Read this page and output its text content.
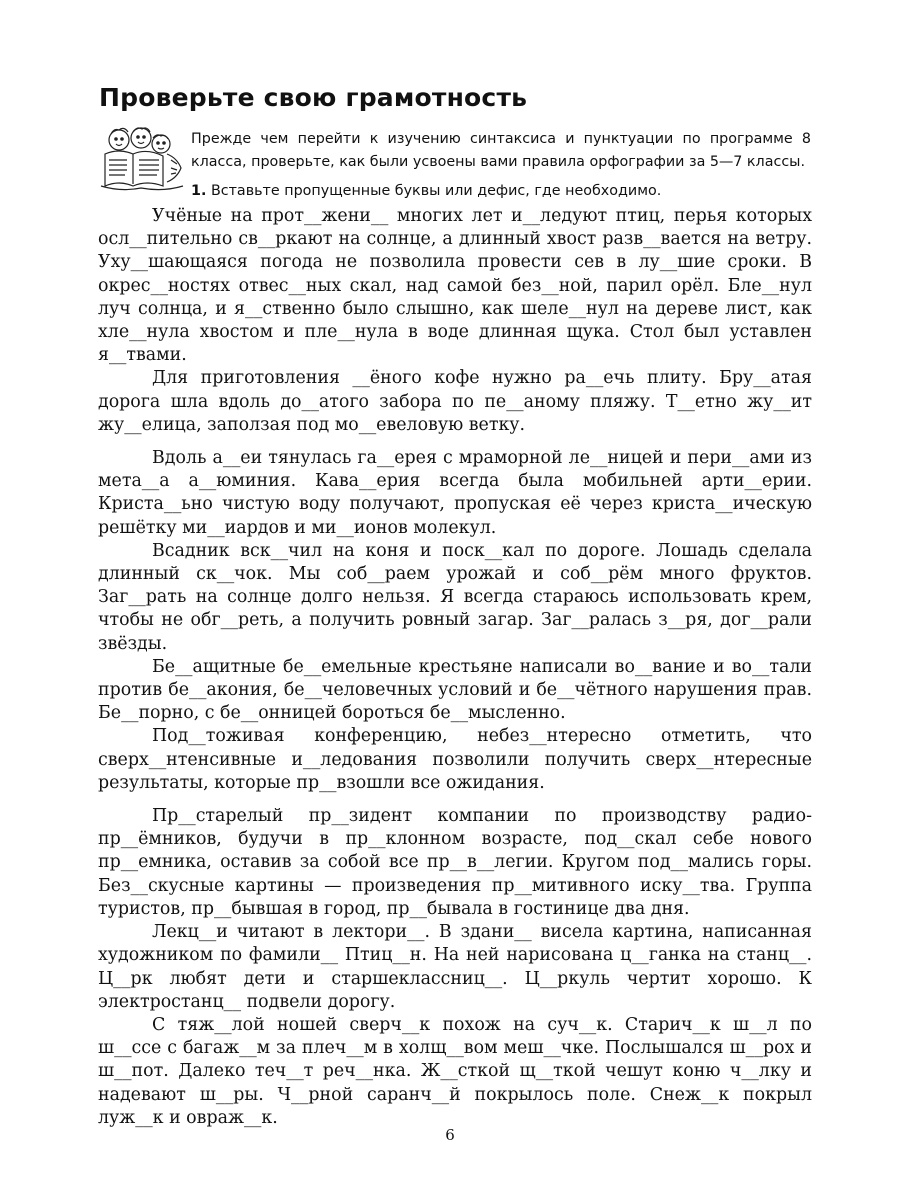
Проверьте свою грамотность

Прежде чем перейти к изучению синтаксиса и пунктуации по программе 8 класса, проверьте, как были усвоены вами правила орфографии за 5—7 классы.

1. Вставьте пропущенные буквы или дефис, где необходимо.

Учёные на прот__жени__ многих лет и__ледуют птиц, перья которых осл__пительно св__ркают на солнце, а длинный хвост разв__вается на ветру. Уху__шающаяся погода не позволила провести сев в лу__шие сроки. В окрес__ностях отвес__ных скал, над самой без__ной, парил орёл. Бле__нул луч солнца, и я__ственно было слышно, как шеле__нул на дереве лист, как хле__нула хвостом и пле__нула в воде длинная щука. Стол был уставлен я__твами.

Для приготовления __ёного кофе нужно ра__ечь плиту. Бру__атая дорога шла вдоль до__атого забора по пе__аному пляжу. Т__етно жу__ит жу__елица, заползая под мо__евеловую ветку.

Вдоль а__еи тянулась га__ерея с мраморной ле__ницей и пери__ами из мета__а а__юминия. Кава__ерия всегда была мобильней арти__ерии. Криста__ьно чистую воду получают, пропуская её через криста__ическую решётку ми__иардов и ми__ионов молекул.

Всадник вск__чил на коня и поск__кал по дороге. Лошадь сделала длинный ск__чок. Мы соб__раем урожай и соб__рём много фруктов. Заг__рать на солнце долго нельзя. Я всегда стараюсь использовать крем, чтобы не обг__реть, а получить ровный загар. Заг__ралась з__ря, дог__рали звёзды.

Бе__ащитные бе__емельные крестьяне написали во__вание и во__тали против бе__акония, бе__человечных условий и бе__чётного нарушения прав. Бе__порно, с бе__онницей бороться бе__мысленно.

Под__тоживая конференцию, небез__нтересно отметить, что сверх__нтенсивные и__ледования позволили получить сверх__нтересные результаты, которые пр__взошли все ожидания.

Пр__старелый пр__зидент компании по производству радиопр__ёмников, будучи в пр__клонном возрасте, под__скал себе нового пр__емника, оставив за собой все пр__в__легии. Кругом под__мались горы. Без__скусные картины — произведения пр__митивного иску__тва. Группа туристов, пр__бывшая в город, пр__бывала в гостинице два дня.

Лекц__и читают в лектори__. В здани__ висела картина, написанная художником по фамили__ Птиц__н. На ней нарисована ц__ганка на станц__. Ц__рк любят дети и старшеклассниц__. Ц__ркуль чертит хорошо. К электростанц__ подвели дорогу.

С тяж__лой ношей сверч__к похож на суч__к. Старич__к ш__л по ш__ссе с багаж__м за плеч__м в холщ__вом меш__чке. Послышался ш__рох и ш__пот. Далеко теч__т реч__нка. Ж__сткой щ__ткой чешут коню ч__лку и надевают ш__ры. Ч__рной саранч__й покрылось поле. Снеж__к покрыл луж__к и овраж__к.

6
